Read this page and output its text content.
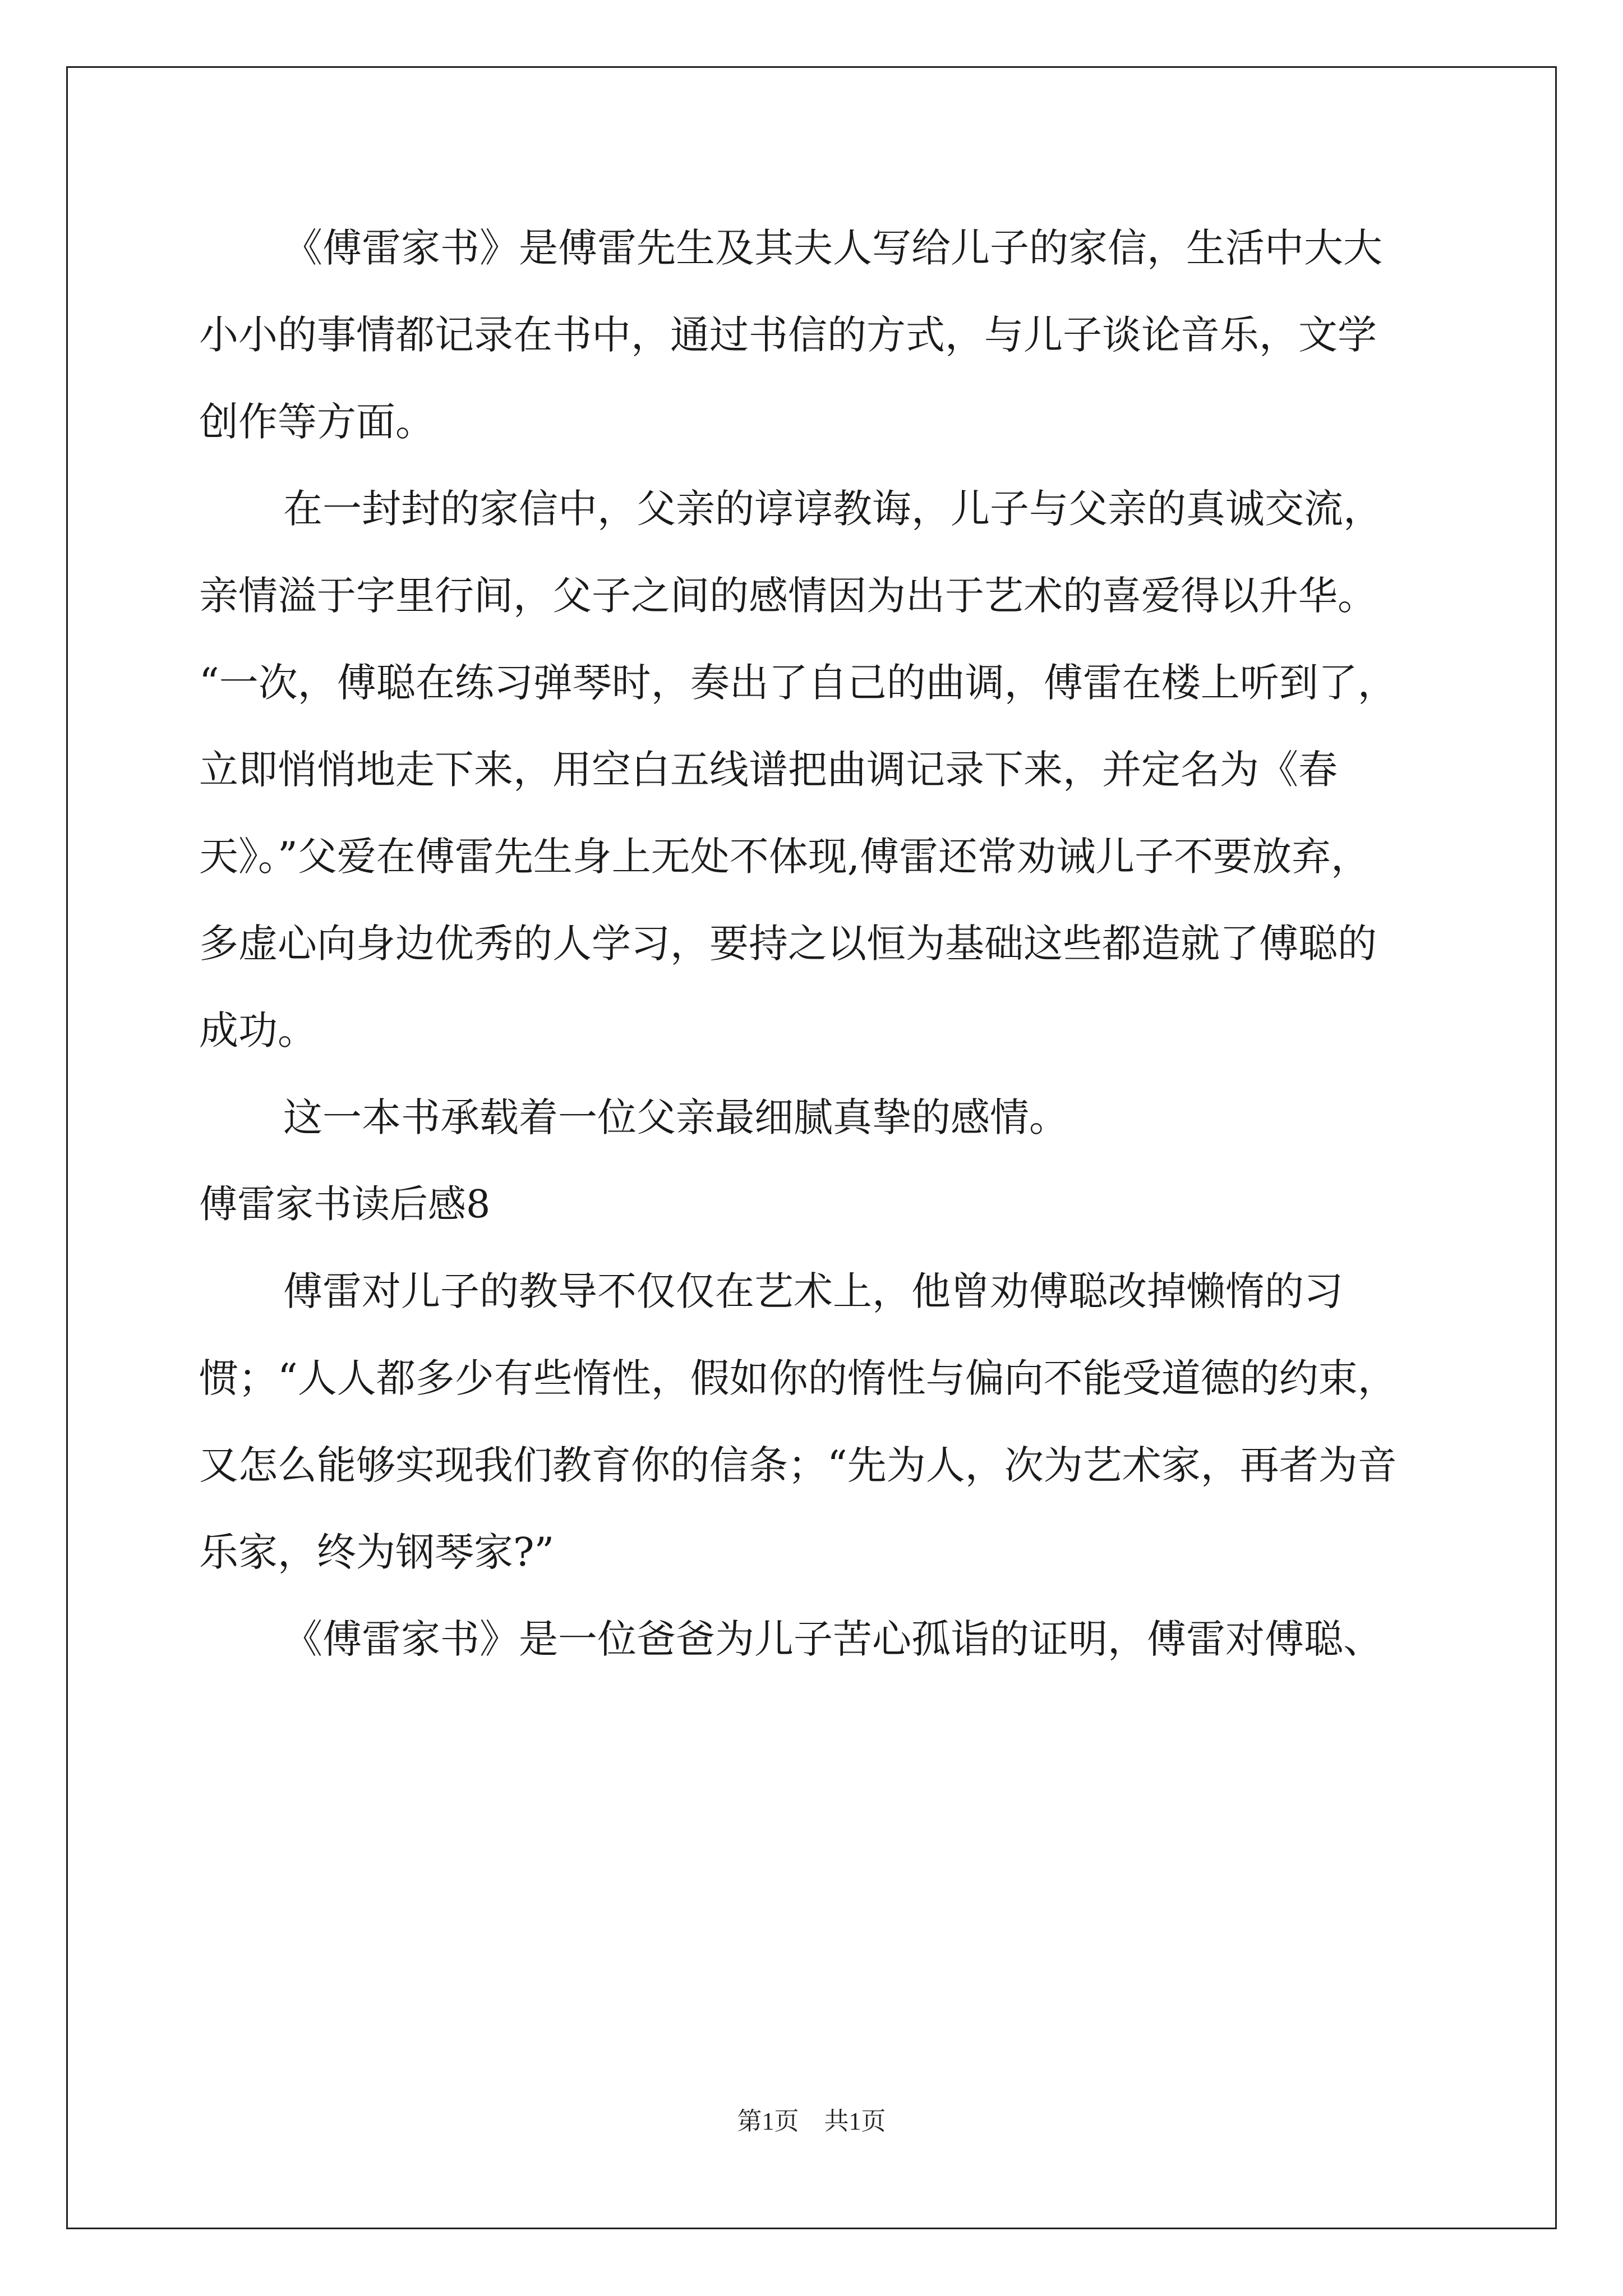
《傅雷家书》是傅雷先生及其夫人写给儿子的家信，生活中大大
小小的事情都记录在书中，通过书信的方式，与儿子谈论音乐，文学
创作等方面。
在一封封的家信中，父亲的谆谆教诲，儿子与父亲的真诚交流，
亲情溢于字里行间，父子之间的感情因为出于艺术的喜爱得以升华。
“一次，傅聪在练习弹琴时，奏出了自己的曲调，傅雷在楼上听到了，
立即悄悄地走下来，用空白五线谱把曲调记录下来，并定名为《春
天》。”父爱在傅雷先生身上无处不体现,傅雷还常劝诫儿子不要放弃，
多虚心向身边优秀的人学习，要持之以恒为基础这些都造就了傅聪的
成功。
这一本书承载着一位父亲最细腻真挚的感情。
傅雷家书读后感8
傅雷对儿子的教导不仅仅在艺术上，他曾劝傅聪改掉懒惰的习
惯；“人人都多少有些惰性，假如你的惰性与偏向不能受道德的约束，
又怎么能够实现我们教育你的信条；“先为人，次为艺术家，再者为音
乐家，终为钢琴家?”
《傅雷家书》是一位爸爸为儿子苦心孤诣的证明，傅雷对傅聪、
第1页 共1页
